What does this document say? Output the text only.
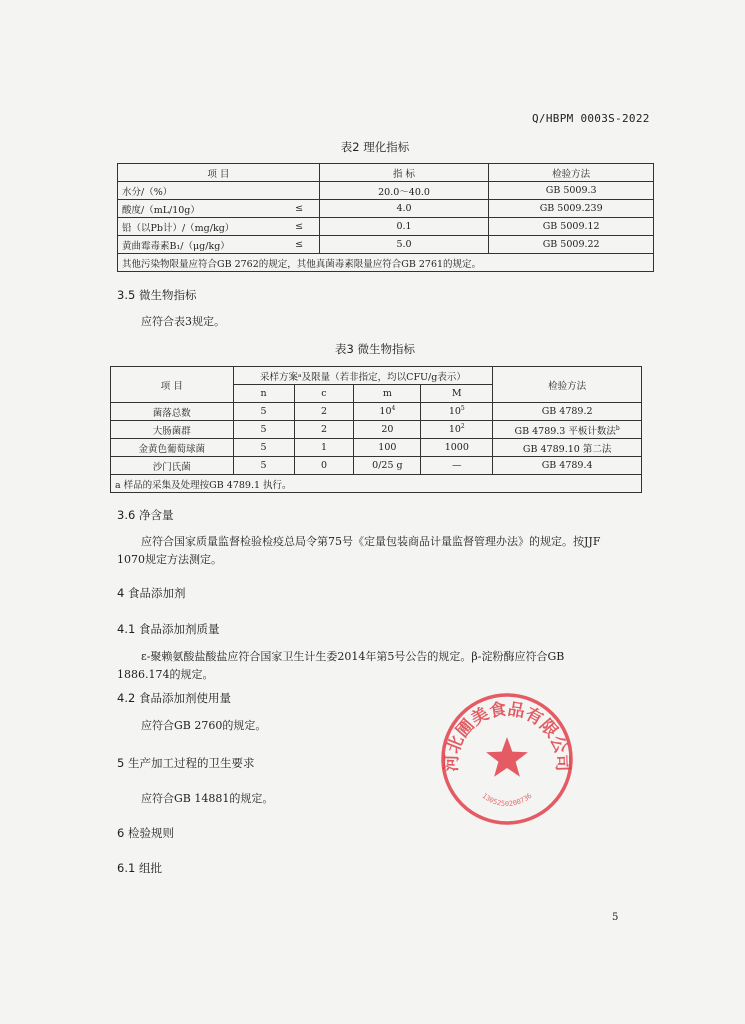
Q/HBPM 0003S-2022
表2 理化指标
项 目		指 标	检验方法
水分/（%）		20.0～40.0	GB 5009.3
酸度/（mL/10g）	≤	4.0	GB 5009.239
铅（以Pb计）/（mg/kg）	≤	0.1	GB 5009.12
黄曲霉毒素B₁/（μg/kg）	≤	5.0	GB 5009.22
其他污染物限量应符合GB 2762的规定，其他真菌毒素限量应符合GB 2761的规定。			
3.5 微生物指标
应符合表3规定。
表3 微生物指标
项 目	采样方案ᵃ及限量（若非指定，均以CFU/g表示）				检验方法
	n	c	m	M	
菌落总数	5	2	$10^4$	$10^5$	GB 4789.2
大肠菌群	5	2	20	$10^2$	GB 4789.3 平板计数法$^b$
金黄色葡萄球菌	5	1	100	1000	GB 4789.10 第二法
沙门氏菌	5	0	0/25 g	—	GB 4789.4
a 样品的采集及处理按GB 4789.1 执行。					
3.6 净含量
应符合国家质量监督检验检疫总局令第75号《定量包装商品计量监督管理办法》的规定。按JJF
1070规定方法测定。
4 食品添加剂
4.1 食品添加剂质量
ε-聚赖氨酸盐酸盐应符合国家卫生计生委2014年第5号公告的规定。β-淀粉酶应符合GB
1886.174的规定。
4.2 食品添加剂使用量
应符合GB 2760的规定。
5 生产加工过程的卫生要求
应符合GB 14881的规定。
6 检验规则
6.1 组批
河北圃美食品有限公司
1305250200736
5
